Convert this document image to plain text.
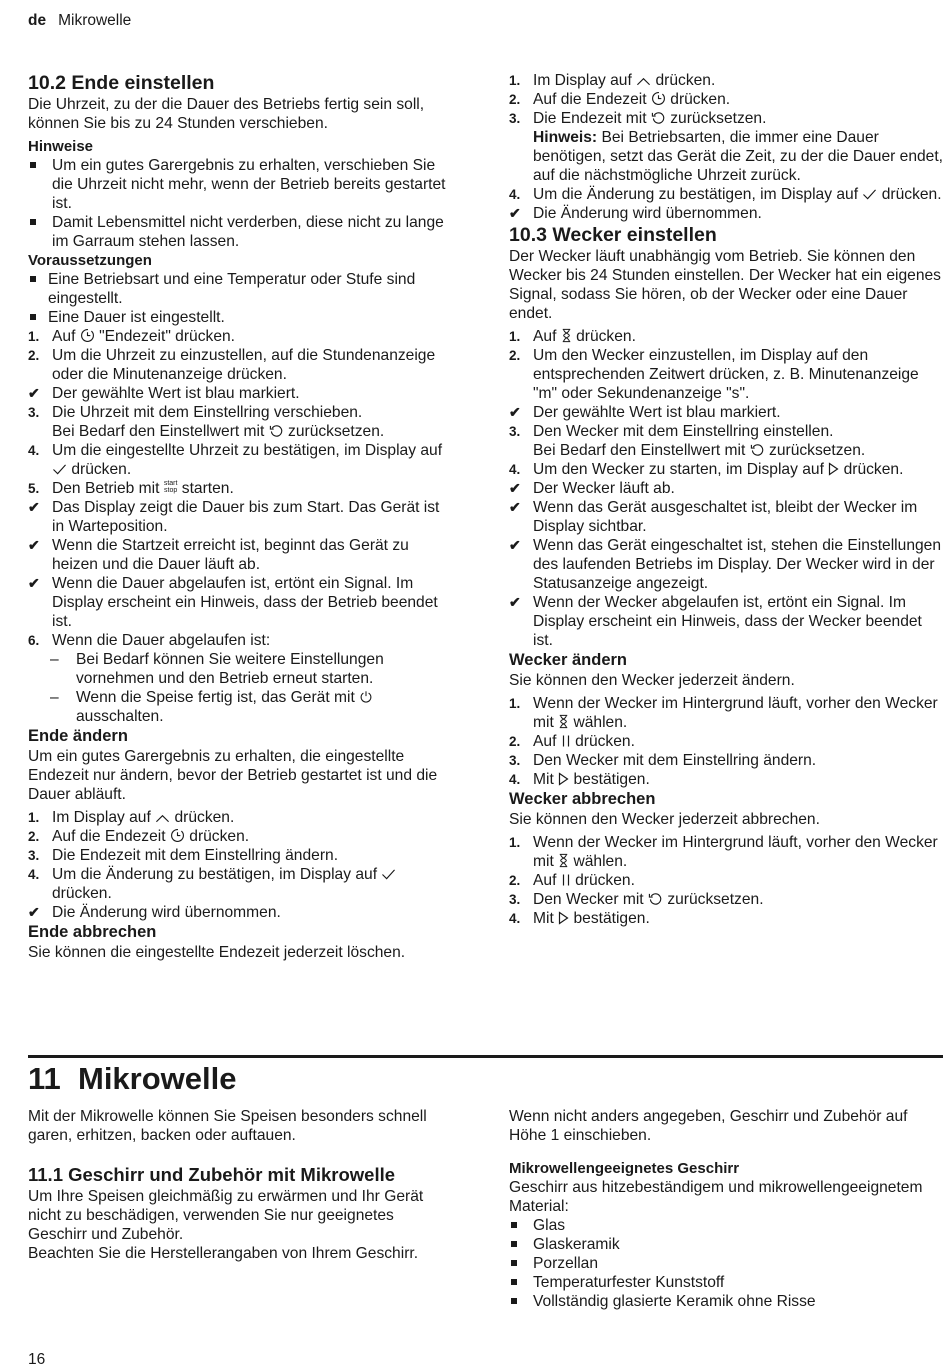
de Mikrowelle
10.2 Ende einstellen

Die Uhrzeit, zu der die Dauer des Betriebs fertig sein soll, können Sie bis zu 24 Stunden verschieben.

Hinweise
Um ein gutes Garergebnis zu erhalten, verschieben Sie die Uhrzeit nicht mehr, wenn der Betrieb bereits gestartet ist.
Damit Lebensmittel nicht verderben, diese nicht zu lange im Garraum stehen lassen.
Voraussetzungen
Eine Betriebsart und eine Temperatur oder Stufe sind eingestellt.
Eine Dauer ist eingestellt.
1. Auf "Endezeit" drücken.
2. Um die Uhrzeit zu einzustellen, auf die Stundenanzeige oder die Minutenanzeige drücken.
✔ Der gewählte Wert ist blau markiert.
3. Die Uhrzeit mit dem Einstellring verschieben.
Bei Bedarf den Einstellwert mit zurücksetzen.
4. Um die eingestellte Uhrzeit zu bestätigen, im Display auf  drücken.
5. Den Betrieb mit start
stop starten.
✔ Das Display zeigt die Dauer bis zum Start. Das Gerät ist in Warteposition.
✔ Wenn die Startzeit erreicht ist, beginnt das Gerät zu heizen und die Dauer läuft ab.
✔ Wenn die Dauer abgelaufen ist, ertönt ein Signal. Im Display erscheint ein Hinweis, dass der Betrieb beendet ist.
6. Wenn die Dauer abgelaufen ist:
– Bei Bedarf können Sie weitere Einstellungen vornehmen und den Betrieb erneut starten.
– Wenn die Speise fertig ist, das Gerät mit  ausschalten.
Ende ändern

Um ein gutes Garergebnis zu erhalten, die eingestellte Endezeit nur ändern, bevor der Betrieb gestartet ist und die Dauer abläuft.

1. Im Display auf drücken.
2. Auf die Endezeit drücken.
3. Die Endezeit mit dem Einstellring ändern.
4. Um die Änderung zu bestätigen, im Display auf  drücken.
✔ Die Änderung wird übernommen.
Ende abbrechen

Sie können die eingestellte Endezeit jederzeit löschen.

1. Im Display auf drücken.
2. Auf die Endezeit drücken.
3. Die Endezeit mit zurücksetzen.

Hinweis: Bei Betriebsarten, die immer eine Dauer benötigen, setzt das Gerät die Zeit, zu der die Dauer endet, auf die nächstmögliche Uhrzeit zurück.

4. Um die Änderung zu bestätigen, im Display auf drücken.
✔ Die Änderung wird übernommen.
10.3 Wecker einstellen

Der Wecker läuft unabhängig vom Betrieb. Sie können den Wecker bis 24 Stunden einstellen. Der Wecker hat ein eigenes Signal, sodass Sie hören, ob der Wecker oder eine Dauer endet.

1. Auf drücken.
2. Um den Wecker einzustellen, im Display auf den entsprechenden Zeitwert drücken, z. B. Minutenanzeige "m" oder Sekundenanzeige "s".
✔ Der gewählte Wert ist blau markiert.
3. Den Wecker mit dem Einstellring einstellen.
Bei Bedarf den Einstellwert mit zurücksetzen.
4. Um den Wecker zu starten, im Display auf drücken.
✔ Der Wecker läuft ab.
✔ Wenn das Gerät ausgeschaltet ist, bleibt der Wecker im Display sichtbar.
✔ Wenn das Gerät eingeschaltet ist, stehen die Einstellungen des laufenden Betriebs im Display. Der Wecker wird in der Statusanzeige angezeigt.
✔ Wenn der Wecker abgelaufen ist, ertönt ein Signal. Im Display erscheint ein Hinweis, dass der Wecker beendet ist.
Wecker ändern

Sie können den Wecker jederzeit ändern.

1. Wenn der Wecker im Hintergrund läuft, vorher den Wecker mit wählen.
2. Auf drücken.
3. Den Wecker mit dem Einstellring ändern.
4. Mit bestätigen.
Wecker abbrechen

Sie können den Wecker jederzeit abbrechen.

1. Wenn der Wecker im Hintergrund läuft, vorher den Wecker mit wählen.
2. Auf drücken.
3. Den Wecker mit zurücksetzen.
4. Mit bestätigen.
11  Mikrowelle

Mit der Mikrowelle können Sie Speisen besonders schnell garen, erhitzen, backen oder auftauen.

11.1 Geschirr und Zubehör mit Mikrowelle

Um Ihre Speisen gleichmäßig zu erwärmen und Ihr Gerät nicht zu beschädigen, verwenden Sie nur geeignetes Geschirr und Zubehör.

Beachten Sie die Herstellerangaben von Ihrem Geschirr.

Wenn nicht anders angegeben, Geschirr und Zubehör auf Höhe 1 einschieben.

Mikrowellengeeignetes Geschirr

Geschirr aus hitzebeständigem und mikrowellengeeignetem Material:

Glas
Glaskeramik
Porzellan
Temperaturfester Kunststoff
Vollständig glasierte Keramik ohne Risse
16
